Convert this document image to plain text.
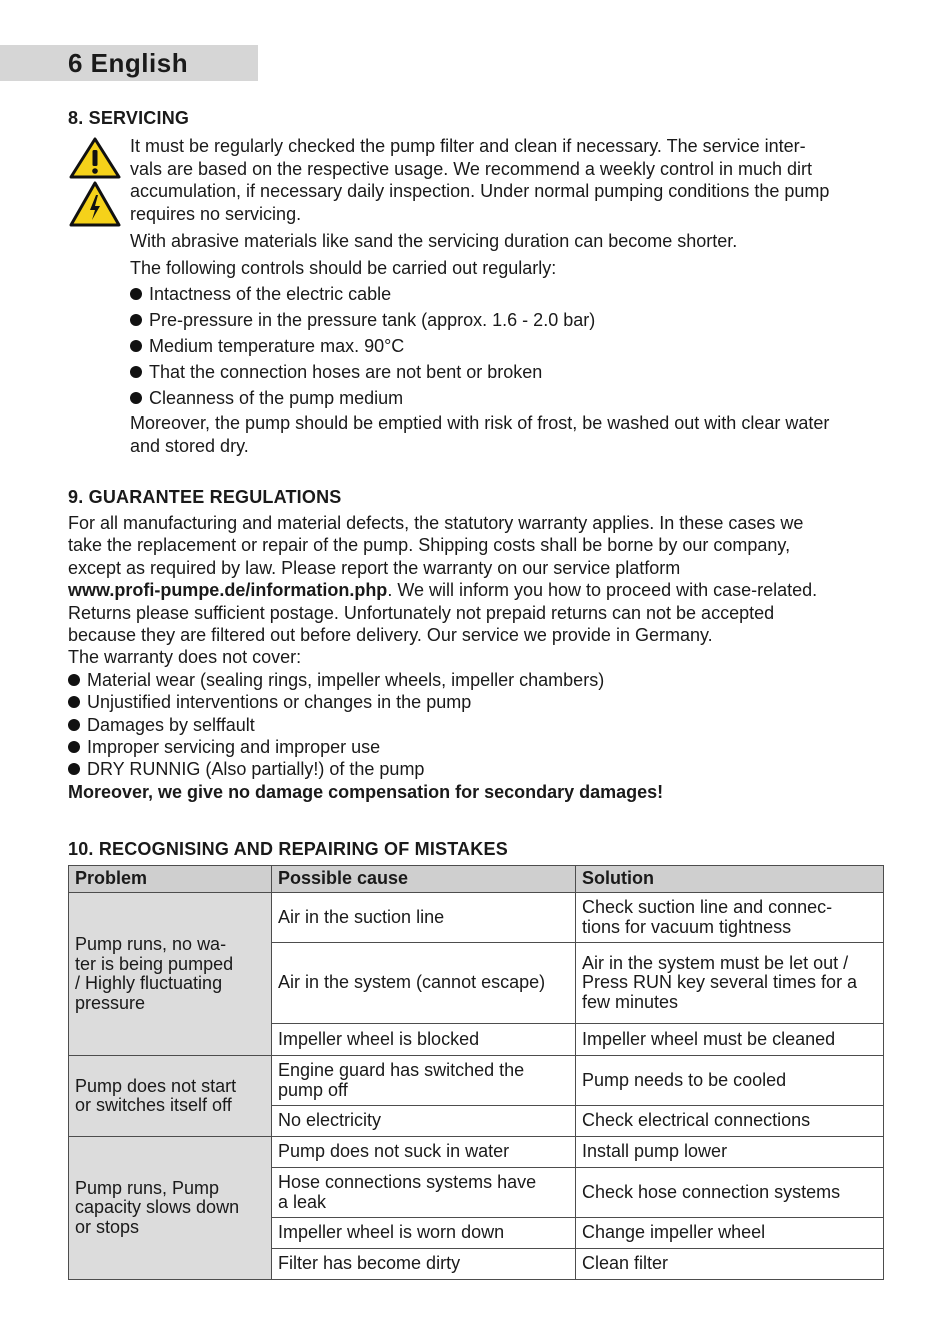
6 English
8. SERVICING

It must be regularly checked the pump filter and clean if necessary. The service inter-
vals are based on the respective usage. We recommend a weekly control in much dirt
accumulation, if necessary daily inspection. Under normal pumping conditions the pump
requires no servicing.

With abrasive materials like sand the servicing duration can become shorter.

The following controls should be carried out regularly:

Intactness of the electric cable
Pre-pressure in the pressure tank (approx. 1.6 - 2.0 bar)
Medium temperature max. 90°C
That the connection hoses are not bent or broken
Cleanness of the pump medium

Moreover, the pump should be emptied with risk of frost, be washed out with clear water
and stored dry.

9. GUARANTEE REGULATIONS

For all manufacturing and material defects, the statutory warranty applies. In these cases we
take the replacement or repair of the pump. Shipping costs shall be borne by our company,
except as required by law. Please report the warranty on our service platform
www.profi-pumpe.de/information.php. We will inform you how to proceed with case-related.
Returns please sufficient postage. Unfortunately not prepaid returns can not be accepted
because they are filtered out before delivery. Our service we provide in Germany.
The warranty does not cover:

Material wear (sealing rings, impeller wheels, impeller chambers)
Unjustified interventions or changes in the pump
Damages by selffault
Improper servicing and improper use
DRY RUNNIG (Also partially!) of the pump

Moreover, we give no damage compensation for secondary damages!

10. RECOGNISING AND REPAIRING OF MISTAKES
Problem	Possible cause	Solution
Pump runs, no wa-
ter is being pumped
/ Highly fluctuating
pressure	Air in the suction line	Check suction line and connec-
tions for vacuum tightness
	Air in the system (cannot escape)	Air in the system must be let out /
Press RUN key several times for a
few minutes
	Impeller wheel is blocked	Impeller wheel must be cleaned
Pump does not start
or switches itself off	Engine guard has switched the
pump off	Pump needs to be cooled
	No electricity	Check electrical connections
Pump runs, Pump
capacity slows down
or stops	Pump does not suck in water	Install pump lower
	Hose connections systems have
a leak	Check hose connection systems
	Impeller wheel is worn down	Change impeller wheel
	Filter has become dirty	Clean filter
